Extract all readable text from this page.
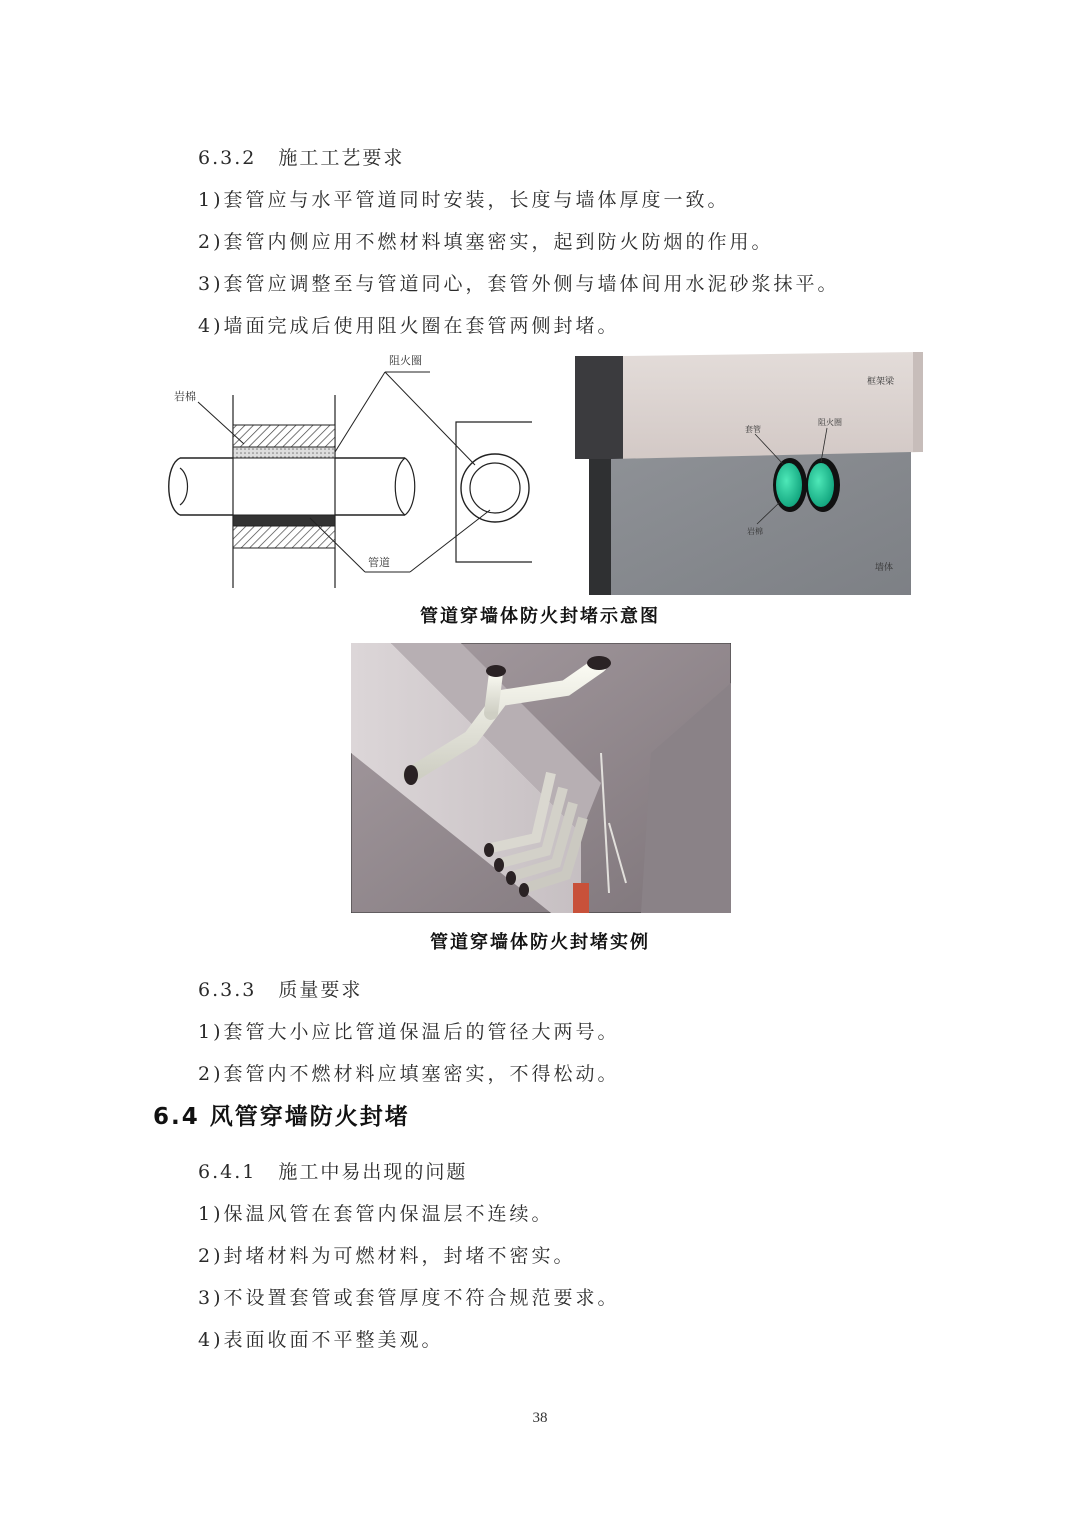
6.3.2 施工工艺要求
1)套管应与水平管道同时安装，长度与墙体厚度一致。
2)套管内侧应用不燃材料填塞密实，起到防火防烟的作用。
3)套管应调整至与管道同心，套管外侧与墙体间用水泥砂浆抹平。
4)墙面完成后使用阻火圈在套管两侧封堵。
岩棉
阻火圈
管道
框架梁
套管
阻火圈
岩棉
墙体
管道穿墙体防火封堵示意图
管道穿墙体防火封堵实例
6.3.3 质量要求
1)套管大小应比管道保温后的管径大两号。
2)套管内不燃材料应填塞密实，不得松动。
6.4 风管穿墙防火封堵
6.4.1 施工中易出现的问题
1)保温风管在套管内保温层不连续。
2)封堵材料为可燃材料，封堵不密实。
3)不设置套管或套管厚度不符合规范要求。
4)表面收面不平整美观。
38
